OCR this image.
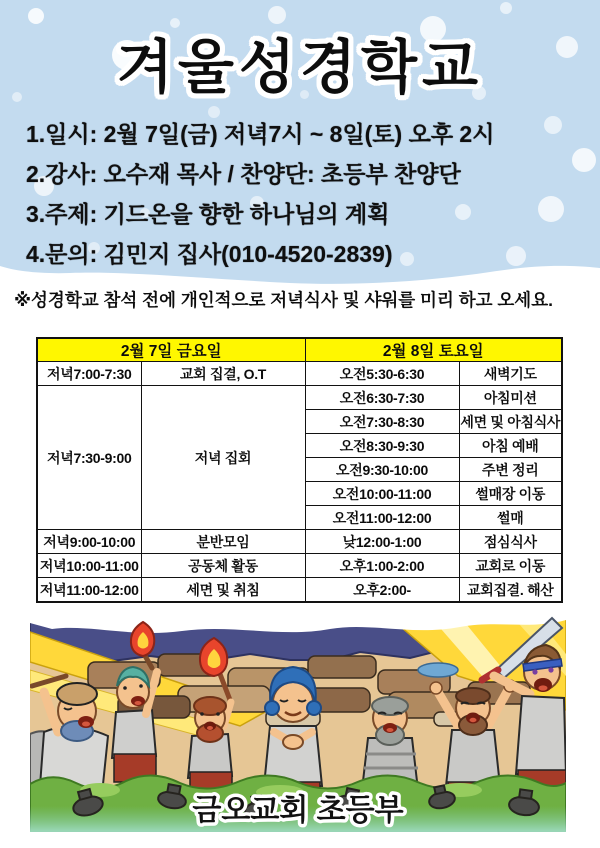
겨울성경학교
1.일시: 2월 7일(금) 저녁7시 ~ 8일(토) 오후 2시
2.강사: 오수재 목사 / 찬양단: 초등부 찬양단
3.주제: 기드온을 향한 하나님의 계획
4.문의: 김민지 집사(010-4520-2839)
※성경학교 참석 전에 개인적으로 저녁식사 및 샤워를 미리 하고 오세요.
2월 7일 금요일		2월 8일 토요일	
저녁7:00-7:30	교회 집결, O.T	오전5:30-6:30	새벽기도
저녁7:30-9:00	저녁 집회	오전6:30-7:30	아침미션
		오전7:30-8:30	세면 및 아침식사
		오전8:30-9:30	아침 예배
		오전9:30-10:00	주변 정리
		오전10:00-11:00	썰매장 이동
		오전11:00-12:00	썰매
저녁9:00-10:00	분반모임	낮12:00-1:00	점심식사
저녁10:00-11:00	공동체 활동	오후1:00-2:00	교회로 이동
저녁11:00-12:00	세면 및 취침	오후2:00-	교회집결. 해산
금오교회 초등부
